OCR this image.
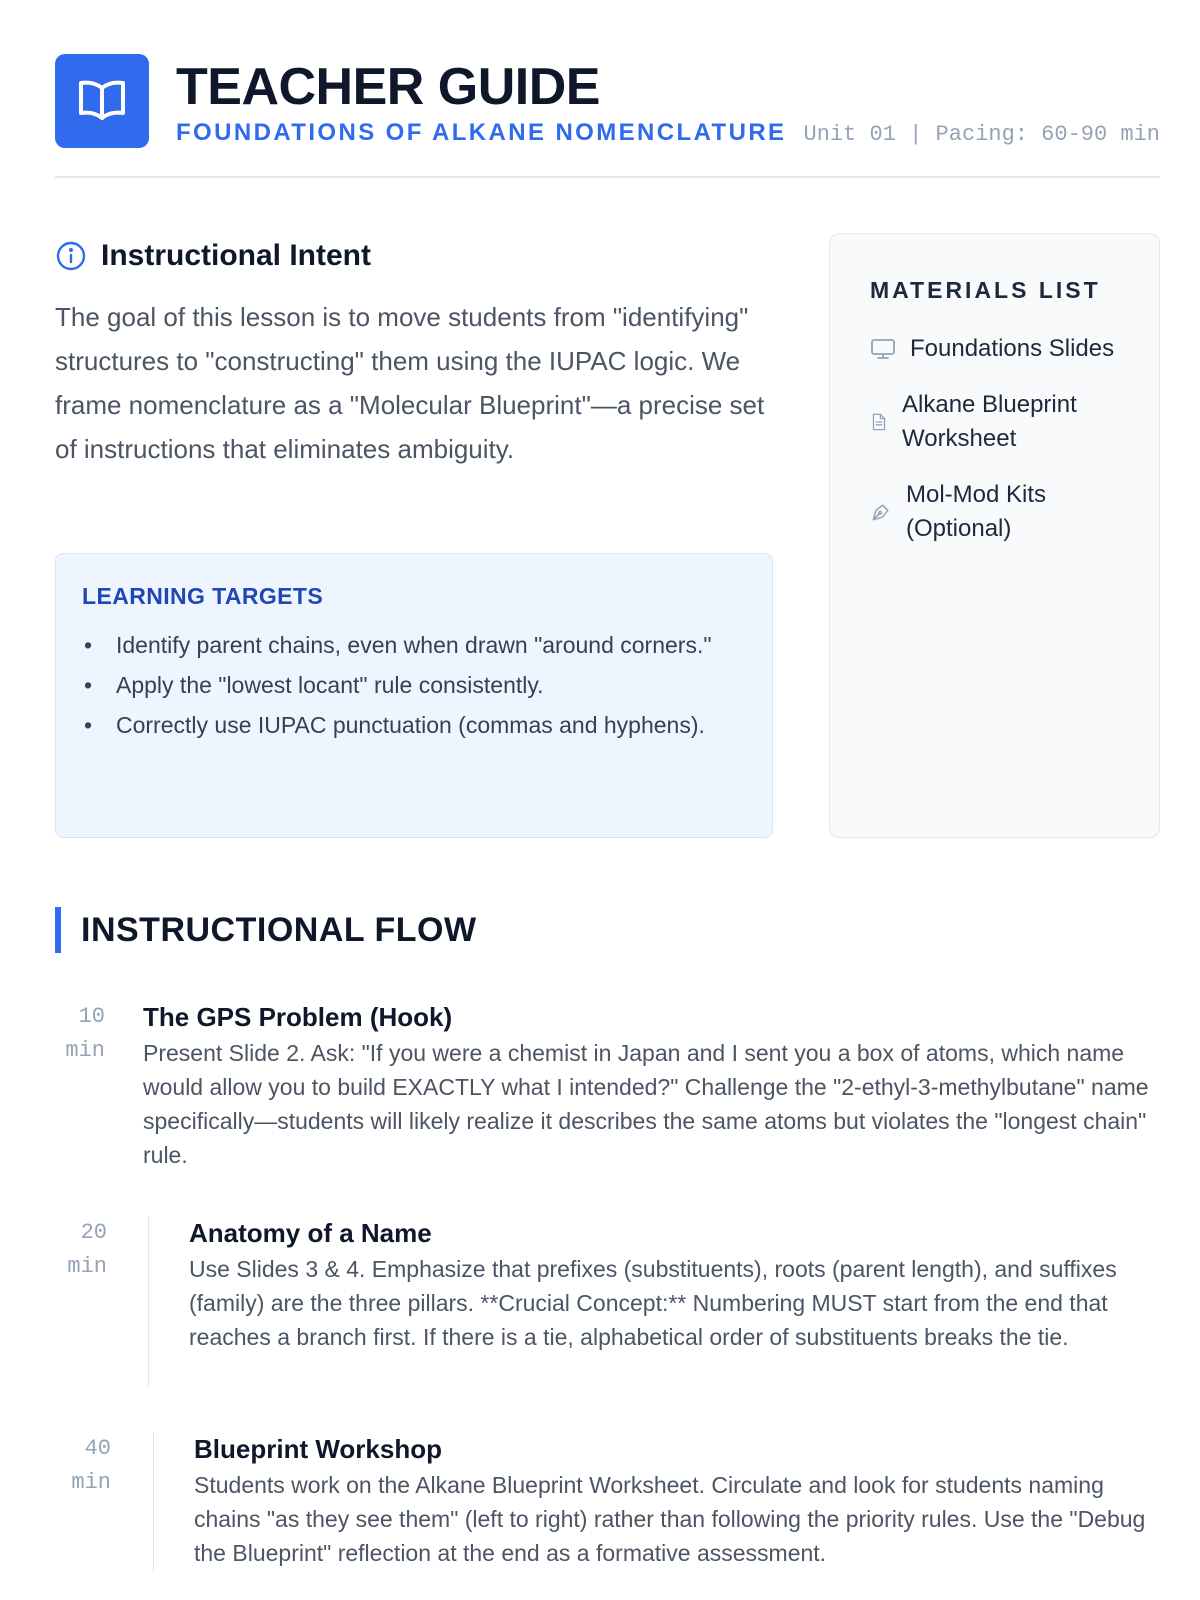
TEACHER GUIDE
FOUNDATIONS OF ALKANE NOMENCLATURE Unit 01 | Pacing: 60-90 min
Instructional Intent

The goal of this lesson is to move students from "identifying" structures to "constructing" them using the IUPAC logic. We frame nomenclature as a "Molecular Blueprint"—a precise set of instructions that eliminates ambiguity.

LEARNING TARGETS
• Identify parent chains, even when drawn "around corners."
• Apply the "lowest locant" rule consistently.
• Correctly use IUPAC punctuation (commas and hyphens).
MATERIALS LIST
Foundations Slides
Alkane Blueprint Worksheet
Mol-Mod Kits (Optional)
INSTRUCTIONAL FLOW
10
min
The GPS Problem (Hook)

Present Slide 2. Ask: "If you were a chemist in Japan and I sent you a box of atoms, which name would allow you to build EXACTLY what I intended?" Challenge the "2-ethyl-3-methylbutane" name specifically—students will likely realize it describes the same atoms but violates the "longest chain" rule.

20
min
Anatomy of a Name

Use Slides 3 & 4. Emphasize that prefixes (substituents), roots (parent length), and suffixes (family) are the three pillars. **Crucial Concept:** Numbering MUST start from the end that reaches a branch first. If there is a tie, alphabetical order of substituents breaks the tie.

40
min
Blueprint Workshop

Students work on the Alkane Blueprint Worksheet. Circulate and look for students naming chains "as they see them" (left to right) rather than following the priority rules. Use the "Debug the Blueprint" reflection at the end as a formative assessment.
